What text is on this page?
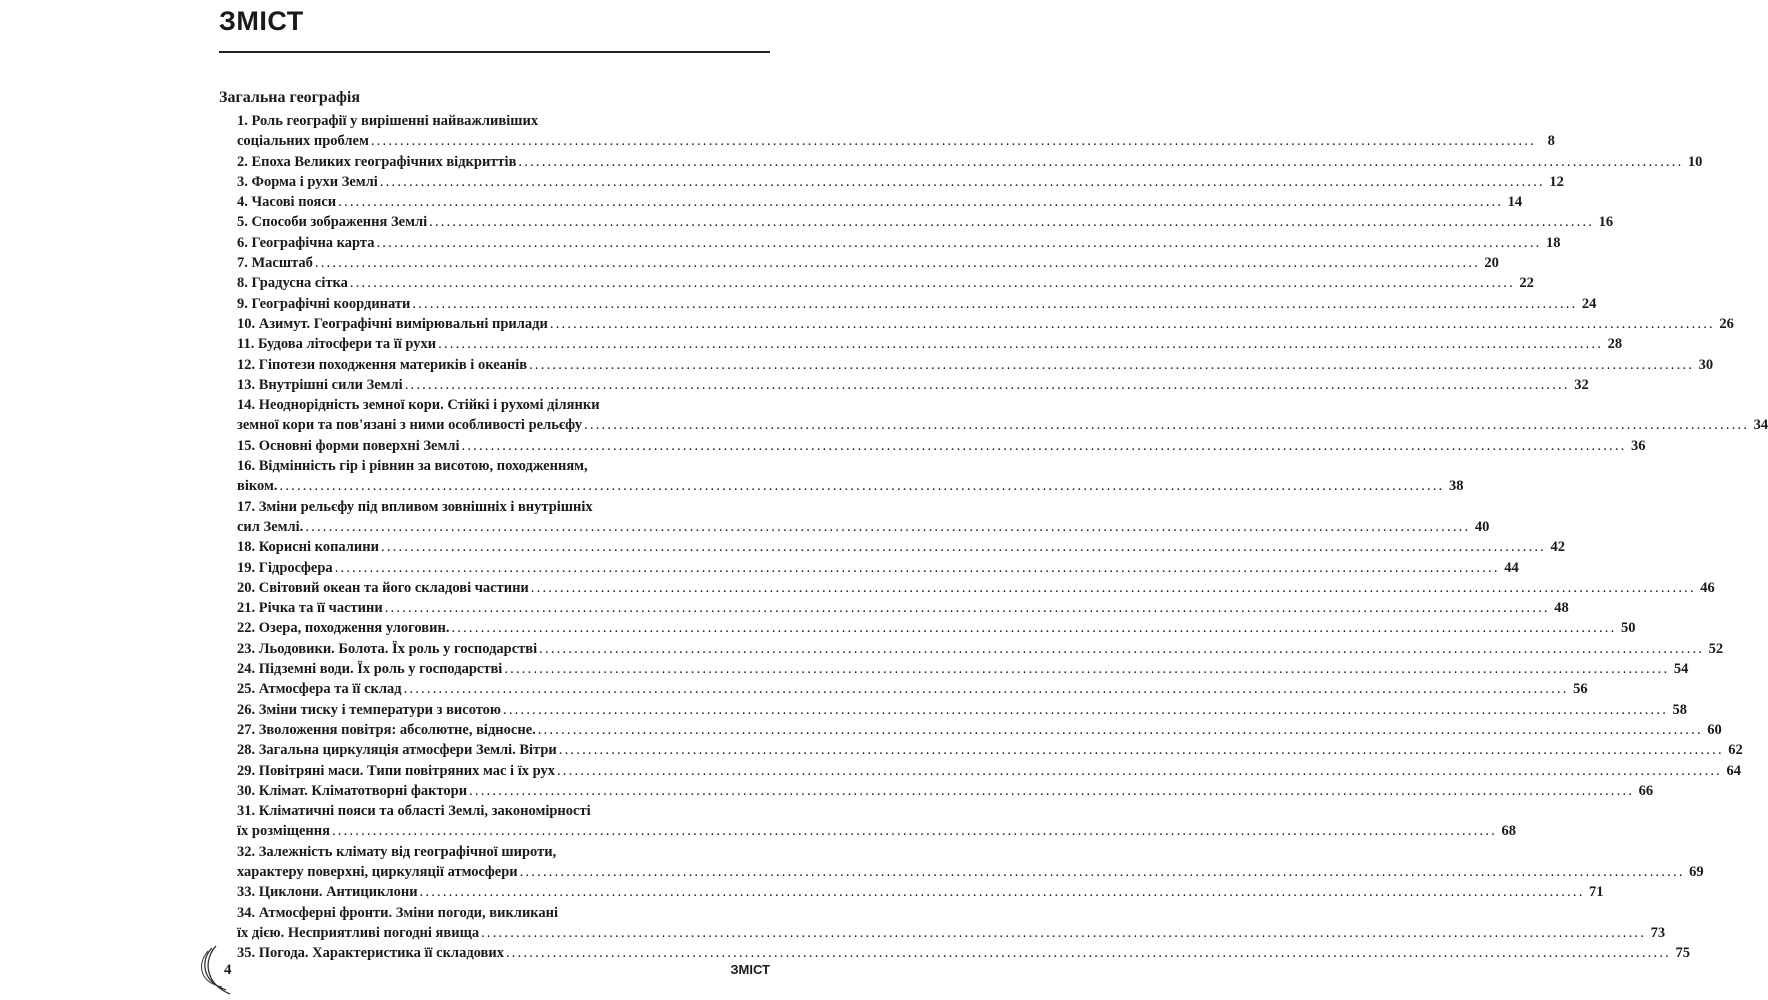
ЗМІСТ
Загальна географія
1. Роль географії у вирішенні найважливіших
соціальних проблем ........................................................................................................................................................................................................ 8
2. Епоха Великих географічних відкриттів ........................................................................................................................................................................................................ 10
3. Форма і рухи Землі ........................................................................................................................................................................................................ 12
4. Часові пояси ........................................................................................................................................................................................................ 14
5. Способи зображення Землі ........................................................................................................................................................................................................ 16
6. Географічна карта ........................................................................................................................................................................................................ 18
7. Масштаб ........................................................................................................................................................................................................ 20
8. Градусна сітка ........................................................................................................................................................................................................ 22
9. Географічні координати ........................................................................................................................................................................................................ 24
10. Азимут. Географічні вимірювальні прилади ........................................................................................................................................................................................................ 26
11. Будова літосфери та її рухи ........................................................................................................................................................................................................ 28
12. Гіпотези походження материків і океанів ........................................................................................................................................................................................................ 30
13. Внутрішні сили Землі ........................................................................................................................................................................................................ 32
14. Неоднорідність земної кори. Стійкі і рухомі ділянки
земної кори та пов'язані з ними особливості рельєфу ........................................................................................................................................................................................................ 34
15. Основні форми поверхні Землі ........................................................................................................................................................................................................ 36
16. Відмінність гір і рівнин за висотою, походженням,
віком. ........................................................................................................................................................................................................ 38
17. Зміни рельєфу під впливом зовнішніх і внутрішніх
сил Землі. ........................................................................................................................................................................................................ 40
18. Корисні копалини ........................................................................................................................................................................................................ 42
19. Гідросфера ........................................................................................................................................................................................................ 44
20. Світовий океан та його складові частини ........................................................................................................................................................................................................ 46
21. Річка та її частини ........................................................................................................................................................................................................ 48
22. Озера, походження улоговин. ........................................................................................................................................................................................................ 50
23. Льодовики. Болота. Їх роль у господарстві ........................................................................................................................................................................................................ 52
24. Підземні води. Їх роль у господарстві ........................................................................................................................................................................................................ 54
25. Атмосфера та її склад ........................................................................................................................................................................................................ 56
26. Зміни тиску і температури з висотою ........................................................................................................................................................................................................ 58
27. Зволоження повітря: абсолютне, відносне. ........................................................................................................................................................................................................ 60
28. Загальна циркуляція атмосфери Землі. Вітри ........................................................................................................................................................................................................ 62
29. Повітряні маси. Типи повітряних мас і їх рух ........................................................................................................................................................................................................ 64
30. Клімат. Кліматотворні фактори ........................................................................................................................................................................................................ 66
31. Кліматичні пояси та області Землі, закономірності
їх розміщення ........................................................................................................................................................................................................ 68
32. Залежність клімату від географічної широти,
характеру поверхні, циркуляції атмосфери ........................................................................................................................................................................................................ 69
33. Циклони. Антициклони ........................................................................................................................................................................................................ 71
34. Атмосферні фронти. Зміни погоди, викликані
їх дією. Несприятливі погодні явища ........................................................................................................................................................................................................ 73
35. Погода. Характеристика її складових ........................................................................................................................................................................................................ 75
4	ЗМІСТ
